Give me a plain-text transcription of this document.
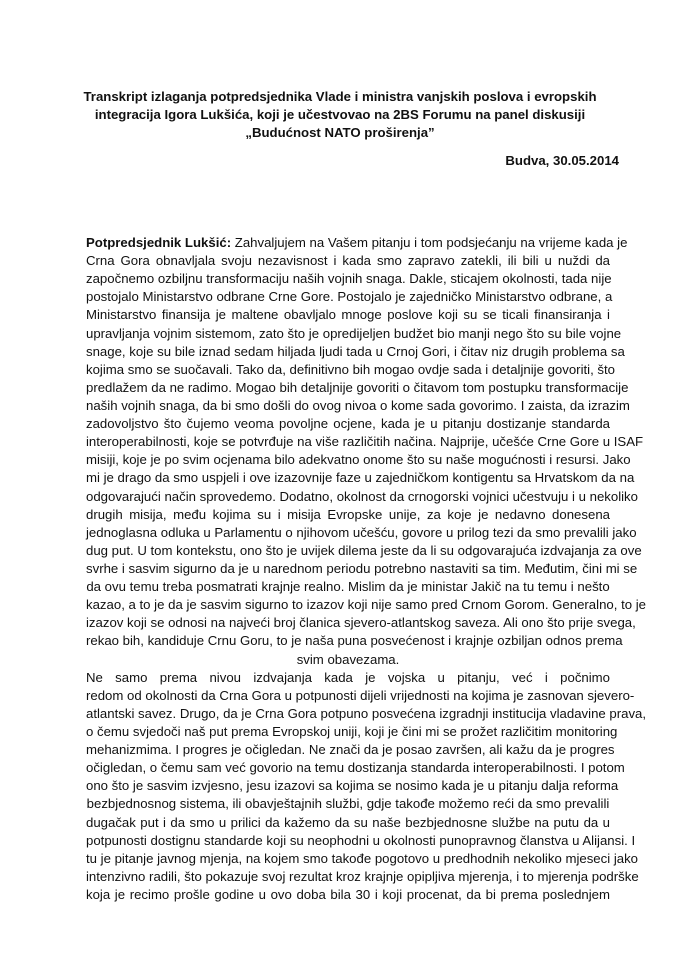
Transkript izlaganja potpredsjednika Vlade i ministra vanjskih poslova i evropskih
integracija Igora Lukšića, koji je učestvovao na 2BS Forumu na panel diskusiji
„Budućnost NATO proširenja”
Budva, 30.05.2014
Potpredsjednik Lukšić: Zahvaljujem na Vašem pitanju i tom podsjećanju na vrijeme kada je
Crna Gora obnavljala svoju nezavisnost i kada smo zapravo zatekli, ili bili u nuždi da
započnemo ozbiljnu transformaciju naših vojnih snaga. Dakle, sticajem okolnosti, tada nije
postojalo Ministarstvo odbrane Crne Gore. Postojalo je zajedničko Ministarstvo odbrane, a
Ministarstvo finansija je maltene obavljalo mnoge poslove koji su se ticali finansiranja i
upravljanja vojnim sistemom, zato što je opredijeljen budžet bio manji nego što su bile vojne
snage, koje su bile iznad sedam hiljada ljudi tada u Crnoj Gori, i čitav niz drugih problema sa
kojima smo se suočavali. Tako da, definitivno bih mogao ovdje sada i detaljnije govoriti, što
predlažem da ne radimo. Mogao bih detaljnije govoriti o čitavom tom postupku transformacije
naših vojnih snaga, da bi smo došli do ovog nivoa o kome sada govorimo. I zaista, da izrazim
zadovoljstvo što čujemo veoma povoljne ocjene, kada je u pitanju dostizanje standarda
interoperabilnosti, koje se potvrđuje na više različitih načina. Najprije, učešće Crne Gore u ISAF
misiji, koje je po svim ocjenama bilo adekvatno onome što su naše mogućnosti i resursi. Jako
mi je drago da smo uspjeli i ove izazovnije faze u zajedničkom kontigentu sa Hrvatskom da na
odgovarajući način sprovedemo. Dodatno, okolnost da crnogorski vojnici učestvuju i u nekoliko
drugih misija, među kojima su i misija Evropske unije, za koje je nedavno donesena
jednoglasna odluka u Parlamentu o njihovom učešću, govore u prilog tezi da smo prevalili jako
dug put. U tom kontekstu, ono što je uvijek dilema jeste da li su odgovarajuća izdvajanja za ove
svrhe i sasvim sigurno da je u narednom periodu potrebno nastaviti sa tim. Međutim, čini mi se
da ovu temu treba posmatrati krajnje realno. Mislim da je ministar Jakič na tu temu i nešto
kazao, a to je da je sasvim sigurno to izazov koji nije samo pred Crnom Gorom. Generalno, to je
izazov koji se odnosi na najveći broj članica sjevero-atlantskog saveza. Ali ono što prije svega,
rekao bih, kandiduje Crnu Goru, to je naša puna posvećenost i krajnje ozbiljan odnos prema
svim obavezama.
Ne samo prema nivou izdvajanja kada je vojska u pitanju, već i počnimo
redom od okolnosti da Crna Gora u potpunosti dijeli vrijednosti na kojima je zasnovan sjevero-
atlantski savez. Drugo, da je Crna Gora potpuno posvećena izgradnji institucija vladavine prava,
o čemu svjedoči naš put prema Evropskoj uniji, koji je čini mi se prožet različitim monitoring
mehanizmima. I progres je očigledan. Ne znači da je posao završen, ali kažu da je progres
očigledan, o čemu sam već govorio na temu dostizanja standarda interoperabilnosti. I potom
ono što je sasvim izvjesno, jesu izazovi sa kojima se nosimo kada je u pitanju dalja reforma
bezbjednosnog sistema, ili obavještajnih službi, gdje takođe možemo reći da smo prevalili
dugačak put i da smo u prilici da kažemo da su naše bezbjednosne službe na putu da u
potpunosti dostignu standarde koji su neophodni u okolnosti punopravnog članstva u Alijansi. I
tu je pitanje javnog mjenja, na kojem smo takođe pogotovo u predhodnih nekoliko mjeseci jako
intenzivno radili, što pokazuje svoj rezultat kroz krajnje opipljiva mjerenja, i to mjerenja podrške
koja je recimo prošle godine u ovo doba bila 30 i koji procenat, da bi prema poslednjem
